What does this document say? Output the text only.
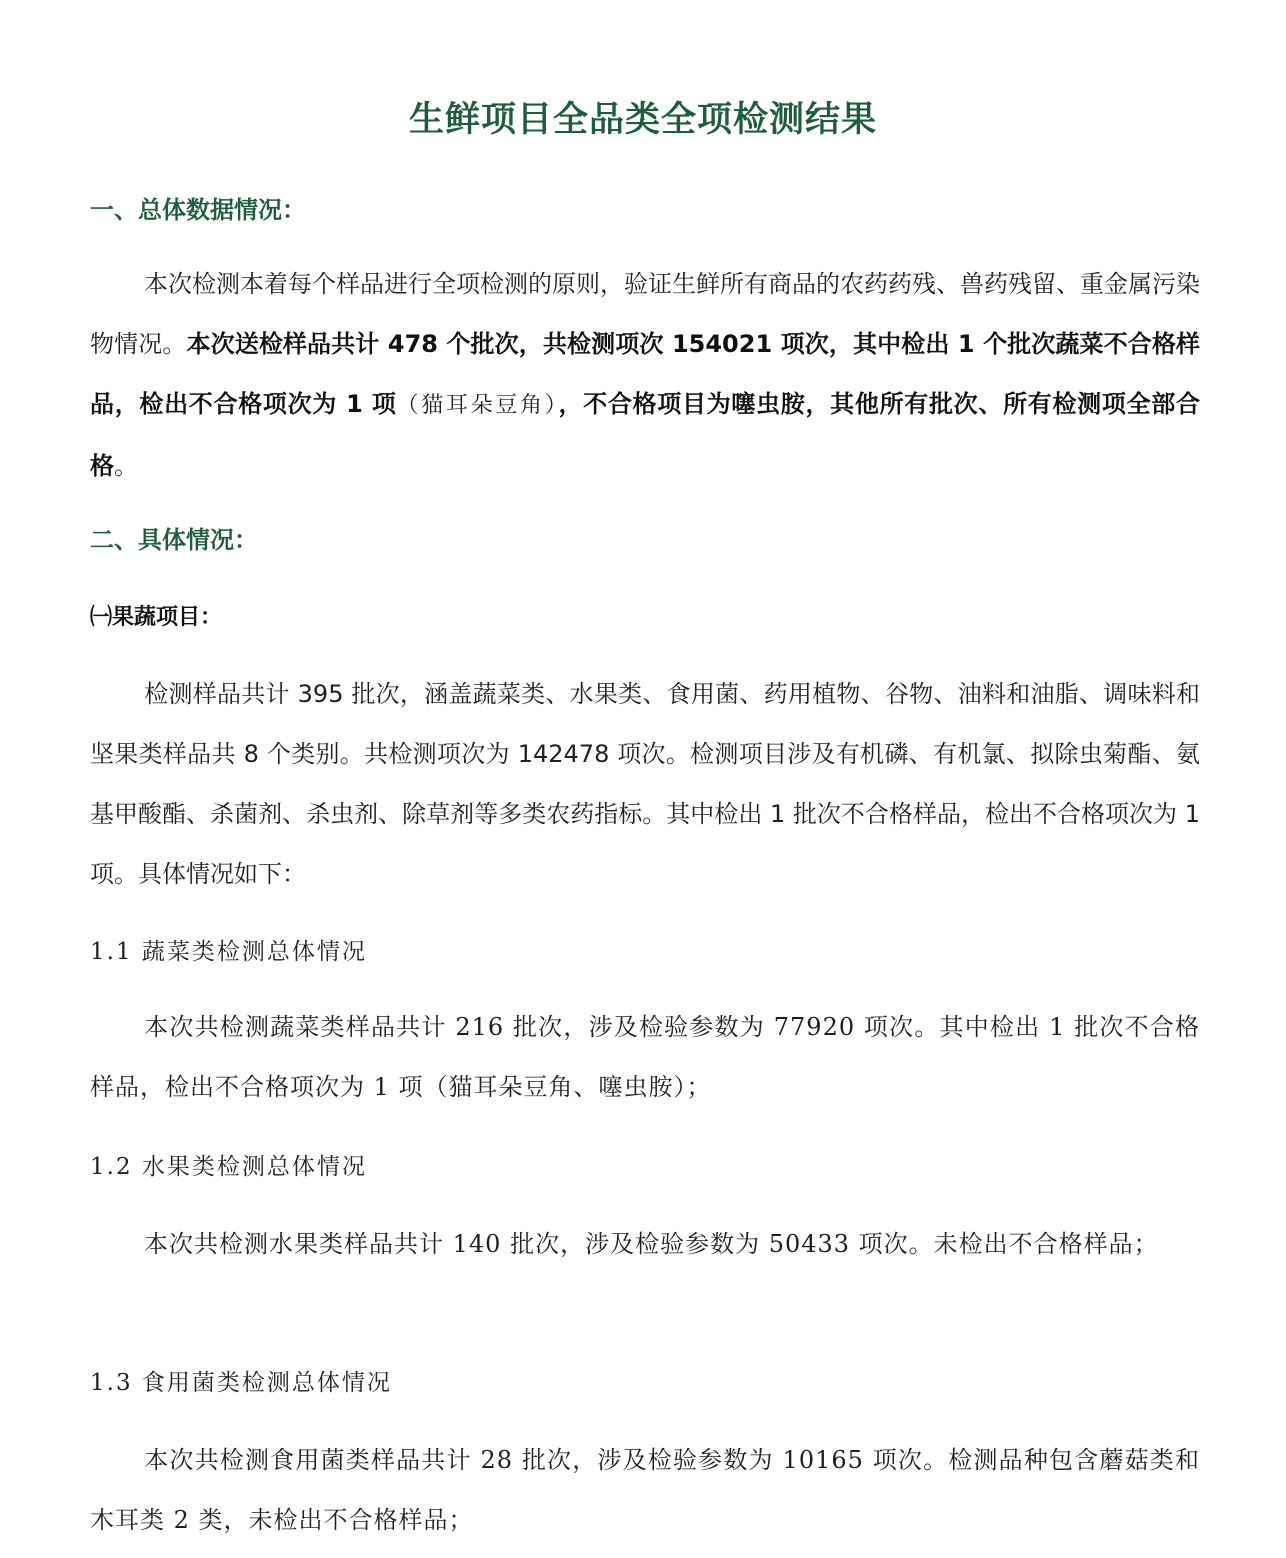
生鲜项目全品类全项检测结果
一、总体数据情况：
本次检测本着每个样品进行全项检测的原则，验证生鲜所有商品的农药药残、兽药残留、重金属污染物情况。本次送检样品共计 478 个批次，共检测项次 154021 项次，其中检出 1 个批次蔬菜不合格样品，检出不合格项次为 1 项（猫耳朵豆角），不合格项目为噻虫胺，其他所有批次、所有检测项全部合格。
二、具体情况：
㈠果蔬项目：
检测样品共计 395 批次，涵盖蔬菜类、水果类、食用菌、药用植物、谷物、油料和油脂、调味料和坚果类样品共 8 个类别。共检测项次为 142478 项次。检测项目涉及有机磷、有机氯、拟除虫菊酯、氨基甲酸酯、杀菌剂、杀虫剂、除草剂等多类农药指标。其中检出 1 批次不合格样品，检出不合格项次为 1 项。具体情况如下：
1.1 蔬菜类检测总体情况
本次共检测蔬菜类样品共计 216 批次，涉及检验参数为 77920 项次。其中检出 1 批次不合格样品，检出不合格项次为 1 项（猫耳朵豆角、噻虫胺）；
1.2 水果类检测总体情况
本次共检测水果类样品共计 140 批次，涉及检验参数为 50433 项次。未检出不合格样品；
1.3 食用菌类检测总体情况
本次共检测食用菌类样品共计 28 批次，涉及检验参数为 10165 项次。检测品种包含蘑菇类和木耳类 2 类，未检出不合格样品；
